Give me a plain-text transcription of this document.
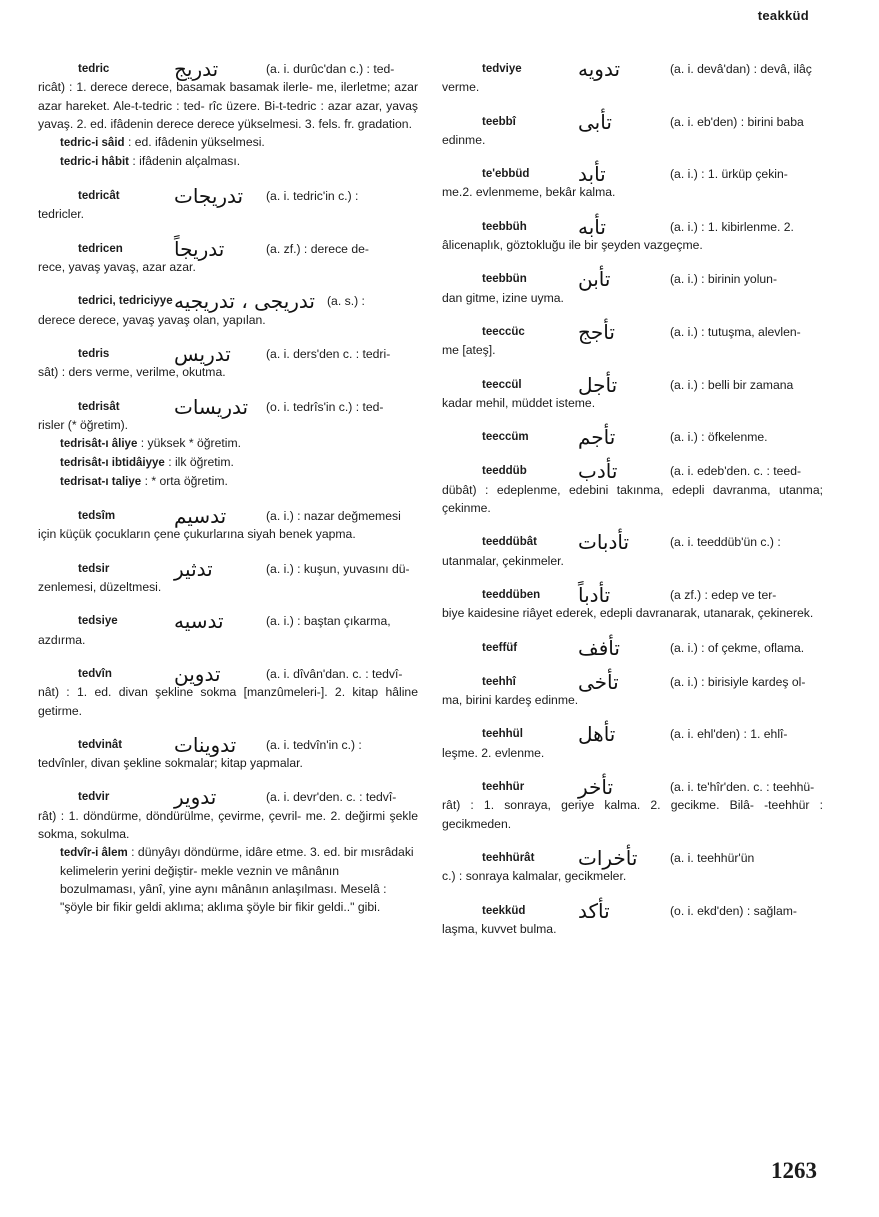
teakküd
tedric	تدريج	(a. i. durûc'dan c.) : ted-
ricât) : 1. derece derece, basamak basamak ilerle- me, ilerletme; azar azar hareket. Ale-t-tedric : ted- rîc üzere. Bi-t-tedric : azar azar, yavaş yavaş. 2. ed. ifâdenin derece derece yükselmesi. 3. fels. fr. gradation.
tedric-i sâid : ed. ifâdenin yükselmesi.
tedric-i hâbit : ifâdenin alçalması.
tedricât	تدريجات	(a. i. tedric'in c.) :
tedricler.
tedricen	تدريجاً	(a. zf.) : derece de-
rece, yavaş yavaş, azar azar.
tedrici, tedriciyye تدريجى ، تدريجيه (a. s.) :
derece derece, yavaş yavaş olan, yapılan.
tedris	تدريس	(a. i. ders'den c. : tedri-
sât) : ders verme, verilme, okutma.
tedrisât	تدريسات	(o. i. tedrîs'in c.) : ted-
risler (* öğretim).
tedrisât-ı âliye : yüksek * öğretim.
tedrisât-ı ibtidâiyye : ilk öğretim.
tedrisat-ı taliye : * orta öğretim.
tedsîm	تدسيم	(a. i.) : nazar değmemesi
için küçük çocukların çene çukurlarına siyah benek yapma.
tedsir	تدثير	(a. i.) : kuşun, yuvasını dü-
zenlemesi, düzeltmesi.
tedsiye	تدسيه	(a. i.) : baştan çıkarma,
azdırma.
tedvîn	تدوين	(a. i. dîvân'dan. c. : tedvî-
nât) : 1. ed. divan şekline sokma [manzûmeleri-]. 2. kitap hâline getirme.
tedvinât	تدوينات	(a. i. tedvîn'in c.) :
tedvînler, divan şekline sokmalar; kitap yapmalar.
tedvir	تدوير	(a. i. devr'den. c. : tedvî-
rât) : 1. döndürme, döndürülme, çevirme, çevril- me. 2. değirmi şekle sokma, sokulma.
tedvîr-i âlem : dünyâyı döndürme, idâre etme. 3. ed. bir mısrâdaki kelimelerin yerini değiştir- mekle veznin ve mânânın bozulmaması, yânî, yine aynı mânânın anlaşılması. Meselâ : "şöyle bir fikir geldi aklıma; aklıma şöyle bir fikir geldi.." gibi.
tedviye	تدويه	(a. i. devâ'dan) : devâ, ilâç
verme.
teebbî	تأبى	(a. i. eb'den) : birini baba
edinme.
te'ebbüd	تأبد	(a. i.) : 1. ürküp çekin-
me.2. evlenmeme, bekâr kalma.
teebbüh	تأبه	(a. i.) : 1. kibirlenme. 2.
âlicenaplık, göztokluğu ile bir şeyden vazgeçme.
teebbün	تأبن	(a. i.) : birinin yolun-
dan gitme, izine uyma.
teeccüc	تأجج	(a. i.) : tutuşma, alevlen-
me [ateş].
teeccül	تأجل	(a. i.) : belli bir zamana
kadar mehil, müddet isteme.
teeccüm	تأجم	(a. i.) : öfkelenme.
teeddüb	تأدب	(a. i. edeb'den. c. : teed-
dübât) : edeplenme, edebini takınma, edepli davranma, utanma; çekinme.
teeddübât	تأدبات	(a. i. teeddüb'ün c.) :
utanmalar, çekinmeler.
teeddüben	تأدباً	(a zf.) : edep ve ter-
biye kaidesine riâyet ederek, edepli davranarak, utanarak, çekinerek.
teeffüf	تأفف	(a. i.) : of çekme, oflama.
teehhî	تأخى	(a. i.) : birisiyle kardeş ol-
ma, birini kardeş edinme.
teehhül	تأهل	(a. i. ehl'den) : 1. ehlî-
leşme. 2. evlenme.
teehhür	تأخر	(a. i. te'hîr'den. c. : teehhü-
rât) : 1. sonraya, geriye kalma. 2. gecikme. Bilâ- -teehhür : gecikmeden.
teehhürât	تأخرات	(a. i. teehhür'ün
c.) : sonraya kalmalar, gecikmeler.
teekküd	تأكد	(o. i. ekd'den) : sağlam-
laşma, kuvvet bulma.
1263
